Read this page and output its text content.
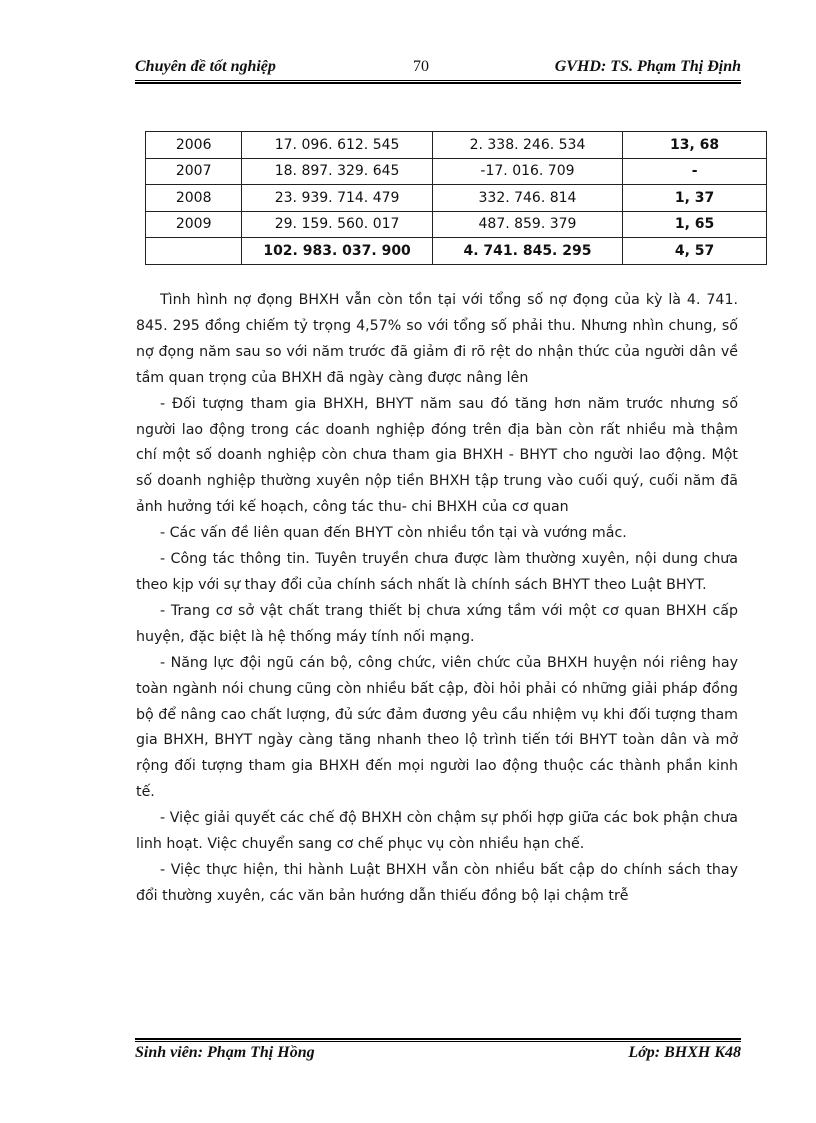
Chuyên đề tốt nghiệp	70	GVHD: TS. Phạm Thị Định
2006	17. 096. 612. 545	2. 338. 246. 534	13, 68
2007	18. 897. 329. 645	-17. 016. 709	-
2008	23. 939. 714. 479	332. 746. 814	1, 37
2009	29. 159. 560. 017	487. 859. 379	1, 65
	102. 983. 037. 900	4. 741. 845. 295	4, 57

Tình hình nợ đọng BHXH vẫn còn tồn tại với tổng số nợ đọng của kỳ là 4. 741. 845. 295 đồng chiếm tỷ trọng 4,57% so với tổng số phải thu. Nhưng nhìn chung, số nợ đọng năm sau so với năm trước đã giảm đi rõ rệt do nhận thức của người dân về tầm quan trọng của BHXH đã ngày càng được nâng lên

- Đối tượng tham gia BHXH, BHYT năm sau đó tăng hơn năm trước nhưng số người lao động trong các doanh nghiệp đóng trên địa bàn còn rất nhiều mà thậm chí một số doanh nghiệp còn chưa tham gia BHXH - BHYT cho người lao động. Một số doanh nghiệp thường xuyên nộp tiền BHXH tập trung vào cuối quý, cuối năm đã ảnh hưởng tới kế hoạch, công tác thu- chi BHXH của cơ quan

- Các vấn đề liên quan đến BHYT còn nhiều tồn tại và vướng mắc.

- Công tác thông tin. Tuyên truyền chưa được làm thường xuyên, nội dung chưa theo kịp với sự thay đổi của chính sách nhất là chính sách BHYT theo Luật BHYT.

- Trang cơ sở vật chất trang thiết bị chưa xứng tầm với một cơ quan BHXH cấp huyện, đặc biệt là hệ thống máy tính nối mạng.

- Năng lực đội ngũ cán bộ, công chức, viên chức của BHXH huyện nói riêng hay toàn ngành nói chung cũng còn nhiều bất cập, đòi hỏi phải có những giải pháp đồng bộ để nâng cao chất lượng, đủ sức đảm đương yêu cầu nhiệm vụ khi đối tượng tham gia BHXH, BHYT ngày càng tăng nhanh theo lộ trình tiến tới BHYT toàn dân và mở rộng đối tượng tham gia BHXH đến mọi người lao động thuộc các thành phần kinh tế.

- Việc giải quyết các chế độ BHXH còn chậm sự phối hợp giữa các bok phận chưa linh hoạt. Việc chuyển sang cơ chế phục vụ còn nhiều hạn chế.

- Việc thực hiện, thi hành Luật BHXH vẫn còn nhiều bất cập do chính sách thay đổi thường xuyên, các văn bản hướng dẫn thiếu đồng bộ lại chậm trễ

Sinh viên: Phạm Thị Hồng	Lớp: BHXH K48
